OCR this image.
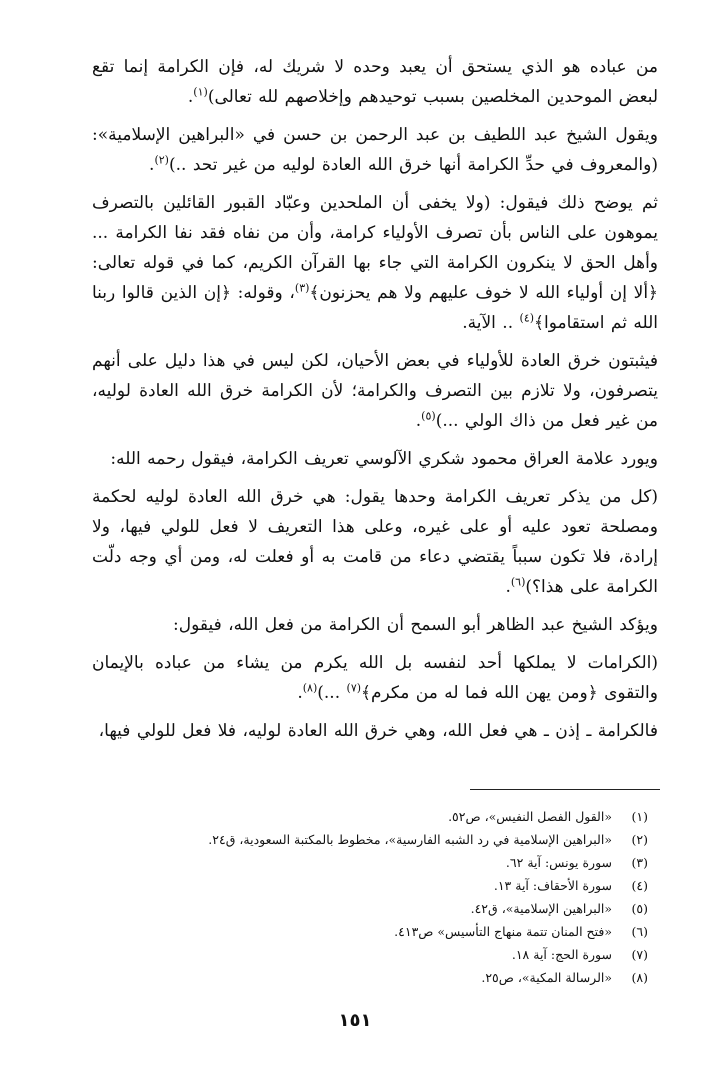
من عباده هو الذي يستحق أن يعبد وحده لا شريك له، فإن الكرامة إنما تقع لبعض الموحدين المخلصين بسبب توحيدهم وإخلاصهم لله تعالى)$^{(١)}$.

ويقول الشيخ عبد اللطيف بن عبد الرحمن بن حسن في «البراهين الإسلامية»: (والمعروف في حدِّ الكرامة أنها خرق الله العادة لوليه من غير تحد ..)$^{(٢)}$.

ثم يوضح ذلك فيقول: (ولا يخفى أن الملحدين وعبّاد القبور القائلين بالتصرف يموهون على الناس بأن تصرف الأولياء كرامة، وأن من نفاه فقد نفا الكرامة ... وأهل الحق لا ينكرون الكرامة التي جاء بها القرآن الكريم، كما في قوله تعالى: ﴿ألا إن أولياء الله لا خوف عليهم ولا هم يحزنون﴾$^{(٣)}$، وقوله: ﴿إن الذين قالوا ربنا الله ثم استقاموا﴾$^{(٤)}$ .. الآية.

فيثبتون خرق العادة للأولياء في بعض الأحيان، لكن ليس في هذا دليل على أنهم يتصرفون، ولا تلازم بين التصرف والكرامة؛ لأن الكرامة خرق الله العادة لوليه، من غير فعل من ذاك الولي ...)$^{(٥)}$.

ويورد علامة العراق محمود شكري الآلوسي تعريف الكرامة، فيقول رحمه الله:

(كل من يذكر تعريف الكرامة وحدها يقول: هي خرق الله العادة لوليه لحكمة ومصلحة تعود عليه أو على غيره، وعلى هذا التعريف لا فعل للولي فيها، ولا إرادة، فلا تكون سبباً يقتضي دعاء من قامت به أو فعلت له، ومن أي وجه دلّت الكرامة على هذا؟)$^{(٦)}$.

ويؤكد الشيخ عبد الظاهر أبو السمح أن الكرامة من فعل الله، فيقول:

(الكرامات لا يملكها أحد لنفسه بل الله يكرم من يشاء من عباده بالإيمان والتقوى ﴿ومن يهن الله فما له من مكرم﴾$^{(٧)}$ ...)$^{(٨)}$.

فالكرامة ـ إذن ـ هي فعل الله، وهي خرق الله العادة لوليه، فلا فعل للولي فيها،

(١)
«القول الفصل النفيس»، ص٥٢.
(٢)
«البراهين الإسلامية في رد الشبه الفارسية»، مخطوط بالمكتبة السعودية، ق٢٤.
(٣)
سورة يونس: آية ٦٢.
(٤)
سورة الأحقاف: آية ١٣.
(٥)
«البراهين الإسلامية»، ق٤٢.
(٦)
«فتح المنان تتمة منهاج التأسيس» ص٤١٣.
(٧)
سورة الحج: آية ١٨.
(٨)
«الرسالة المكية»، ص٢٥.
١٥١
